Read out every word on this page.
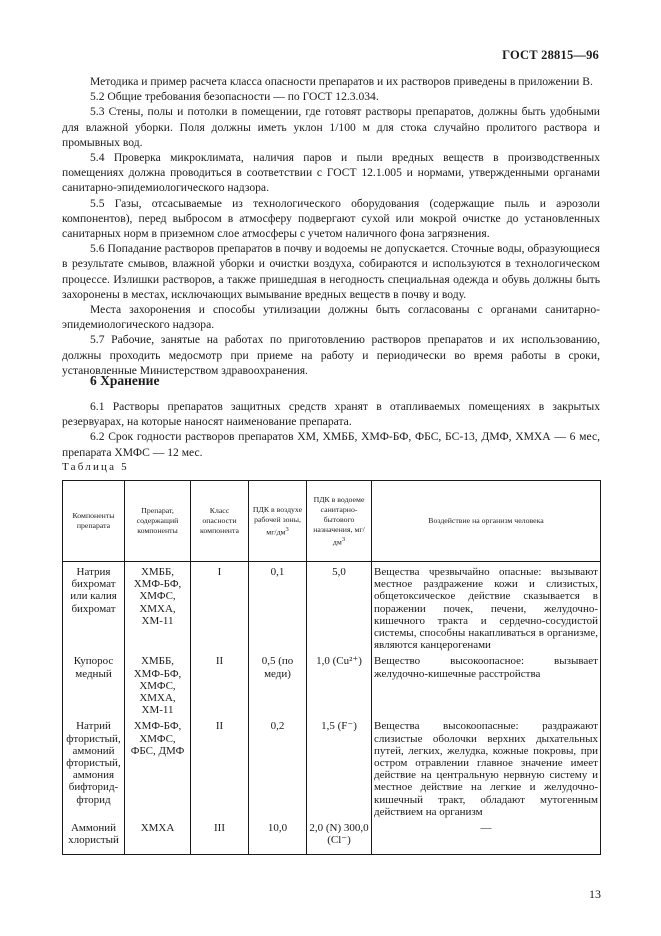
ГОСТ 28815—96

Методика и пример расчета класса опасности препаратов и их растворов приведены в приложении В.

5.2 Общие требования безопасности — по ГОСТ 12.3.034.

5.3 Стены, полы и потолки в помещении, где готовят растворы препаратов, должны быть удобными для влажной уборки. Поля должны иметь уклон 1/100 м для стока случайно пролитого раствора и промывных вод.

5.4 Проверка микроклимата, наличия паров и пыли вредных веществ в производственных помещениях должна проводиться в соответствии с ГОСТ 12.1.005 и нормами, утвержденными органами санитарно-эпидемиологического надзора.

5.5 Газы, отсасываемые из технологического оборудования (содержащие пыль и аэрозоли компонентов), перед выбросом в атмосферу подвергают сухой или мокрой очистке до установленных санитарных норм в приземном слое атмосферы с учетом наличного фона загрязнения.

5.6 Попадание растворов препаратов в почву и водоемы не допускается. Сточные воды, образующиеся в результате смывов, влажной уборки и очистки воздуха, собираются и используются в технологическом процессе. Излишки растворов, а также пришедшая в негодность специальная одежда и обувь должны быть захоронены в местах, исключающих вымывание вредных веществ в почву и воду.

Места захоронения и способы утилизации должны быть согласованы с органами санитарно-эпидемиологического надзора.

5.7 Рабочие, занятые на работах по приготовлению растворов препаратов и их использованию, должны проходить медосмотр при приеме на работу и периодически во время работы в сроки, установленные Министерством здравоохранения.

6 Хранение

6.1 Растворы препаратов защитных средств хранят в отапливаемых помещениях в закрытых резервуарах, на которые наносят наименование препарата.

6.2 Срок годности растворов препаратов ХМ, ХМББ, ХМФ-БФ, ФБС, БС-13, ДМФ, ХМХА — 6 мес, препарата ХМФС — 12 мес.

Таблица 5
Компоненты препарата	Препарат, содержащий компоненты	Класс опасности компонента	ПДК в воздухе рабочей зоны, $мг/дм^3$	ПДК в водоеме санитарно-бытового назначения, $мг/дм^3$	Воздействие на организм человека
Натрия бихромат или калия бихромат	ХМББ, ХМФ-БФ, ХМФС, ХМХА, ХМ-11	I	0,1	5,0	Вещества чрезвычайно опасные: вызывают местное раздражение кожи и слизистых, общетоксическое действие сказывается в поражении почек, печени, желудочно-кишечного тракта и сердечно-сосудистой системы, способны накапливаться в организме, являются канцерогенами
Купорос медный	ХМББ, ХМФ-БФ, ХМФС, ХМХА, ХМ-11	II	0,5 (по меди)	1,0 (Cu²⁺)	Вещество высокоопасное: вызывает желудочно-кишечные расстройства
Натрий фтористый, аммоний фтористый, аммония бифторид-фторид	ХМФ-БФ, ХМФС, ФБС, ДМФ	II	0,2	1,5 (F⁻)	Вещества высокоопасные: раздражают слизистые оболочки верхних дыхательных путей, легких, желудка, кожные покровы, при остром отравлении главное значение имеет действие на центральную нервную систему и местное действие на легкие и желудочно-кишечный тракт, обладают мутогенным действием на организм
Аммоний хлористый	ХМХА	III	10,0	2,0 (N) 300,0 (Cl⁻)	—
13
